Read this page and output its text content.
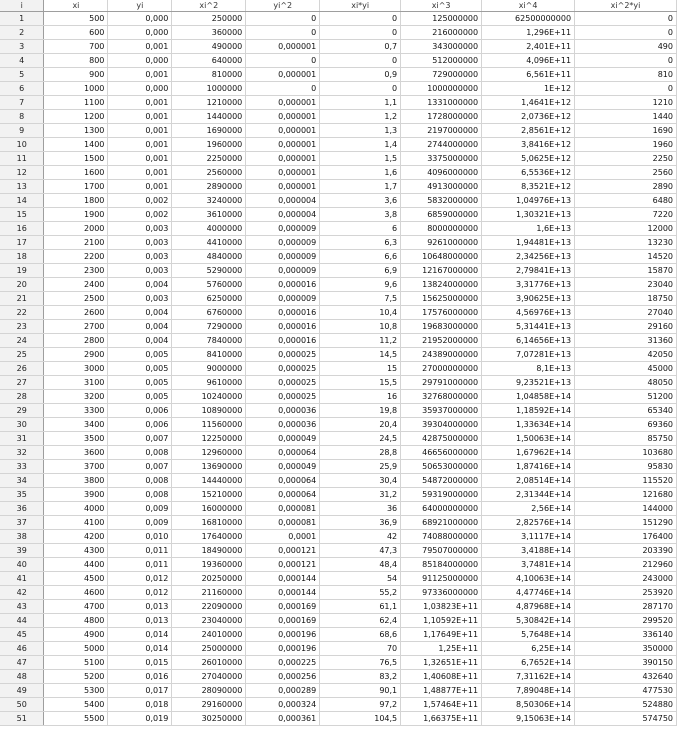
i	xi	yi	xi^2	yi^2	xi*yi	xi^3	xi^4	xi^2*yi
1	500	0,000	250000	0	0	125000000	62500000000	0
2	600	0,000	360000	0	0	216000000	1,296E+11	0
3	700	0,001	490000	0,000001	0,7	343000000	2,401E+11	490
4	800	0,000	640000	0	0	512000000	4,096E+11	0
5	900	0,001	810000	0,000001	0,9	729000000	6,561E+11	810
6	1000	0,000	1000000	0	0	1000000000	1E+12	0
7	1100	0,001	1210000	0,000001	1,1	1331000000	1,4641E+12	1210
8	1200	0,001	1440000	0,000001	1,2	1728000000	2,0736E+12	1440
9	1300	0,001	1690000	0,000001	1,3	2197000000	2,8561E+12	1690
10	1400	0,001	1960000	0,000001	1,4	2744000000	3,8416E+12	1960
11	1500	0,001	2250000	0,000001	1,5	3375000000	5,0625E+12	2250
12	1600	0,001	2560000	0,000001	1,6	4096000000	6,5536E+12	2560
13	1700	0,001	2890000	0,000001	1,7	4913000000	8,3521E+12	2890
14	1800	0,002	3240000	0,000004	3,6	5832000000	1,04976E+13	6480
15	1900	0,002	3610000	0,000004	3,8	6859000000	1,30321E+13	7220
16	2000	0,003	4000000	0,000009	6	8000000000	1,6E+13	12000
17	2100	0,003	4410000	0,000009	6,3	9261000000	1,94481E+13	13230
18	2200	0,003	4840000	0,000009	6,6	10648000000	2,34256E+13	14520
19	2300	0,003	5290000	0,000009	6,9	12167000000	2,79841E+13	15870
20	2400	0,004	5760000	0,000016	9,6	13824000000	3,31776E+13	23040
21	2500	0,003	6250000	0,000009	7,5	15625000000	3,90625E+13	18750
22	2600	0,004	6760000	0,000016	10,4	17576000000	4,56976E+13	27040
23	2700	0,004	7290000	0,000016	10,8	19683000000	5,31441E+13	29160
24	2800	0,004	7840000	0,000016	11,2	21952000000	6,14656E+13	31360
25	2900	0,005	8410000	0,000025	14,5	24389000000	7,07281E+13	42050
26	3000	0,005	9000000	0,000025	15	27000000000	8,1E+13	45000
27	3100	0,005	9610000	0,000025	15,5	29791000000	9,23521E+13	48050
28	3200	0,005	10240000	0,000025	16	32768000000	1,04858E+14	51200
29	3300	0,006	10890000	0,000036	19,8	35937000000	1,18592E+14	65340
30	3400	0,006	11560000	0,000036	20,4	39304000000	1,33634E+14	69360
31	3500	0,007	12250000	0,000049	24,5	42875000000	1,50063E+14	85750
32	3600	0,008	12960000	0,000064	28,8	46656000000	1,67962E+14	103680
33	3700	0,007	13690000	0,000049	25,9	50653000000	1,87416E+14	95830
34	3800	0,008	14440000	0,000064	30,4	54872000000	2,08514E+14	115520
35	3900	0,008	15210000	0,000064	31,2	59319000000	2,31344E+14	121680
36	4000	0,009	16000000	0,000081	36	64000000000	2,56E+14	144000
37	4100	0,009	16810000	0,000081	36,9	68921000000	2,82576E+14	151290
38	4200	0,010	17640000	0,0001	42	74088000000	3,1117E+14	176400
39	4300	0,011	18490000	0,000121	47,3	79507000000	3,4188E+14	203390
40	4400	0,011	19360000	0,000121	48,4	85184000000	3,7481E+14	212960
41	4500	0,012	20250000	0,000144	54	91125000000	4,10063E+14	243000
42	4600	0,012	21160000	0,000144	55,2	97336000000	4,47746E+14	253920
43	4700	0,013	22090000	0,000169	61,1	1,03823E+11	4,87968E+14	287170
44	4800	0,013	23040000	0,000169	62,4	1,10592E+11	5,30842E+14	299520
45	4900	0,014	24010000	0,000196	68,6	1,17649E+11	5,7648E+14	336140
46	5000	0,014	25000000	0,000196	70	1,25E+11	6,25E+14	350000
47	5100	0,015	26010000	0,000225	76,5	1,32651E+11	6,7652E+14	390150
48	5200	0,016	27040000	0,000256	83,2	1,40608E+11	7,31162E+14	432640
49	5300	0,017	28090000	0,000289	90,1	1,48877E+11	7,89048E+14	477530
50	5400	0,018	29160000	0,000324	97,2	1,57464E+11	8,50306E+14	524880
51	5500	0,019	30250000	0,000361	104,5	1,66375E+11	9,15063E+14	574750
